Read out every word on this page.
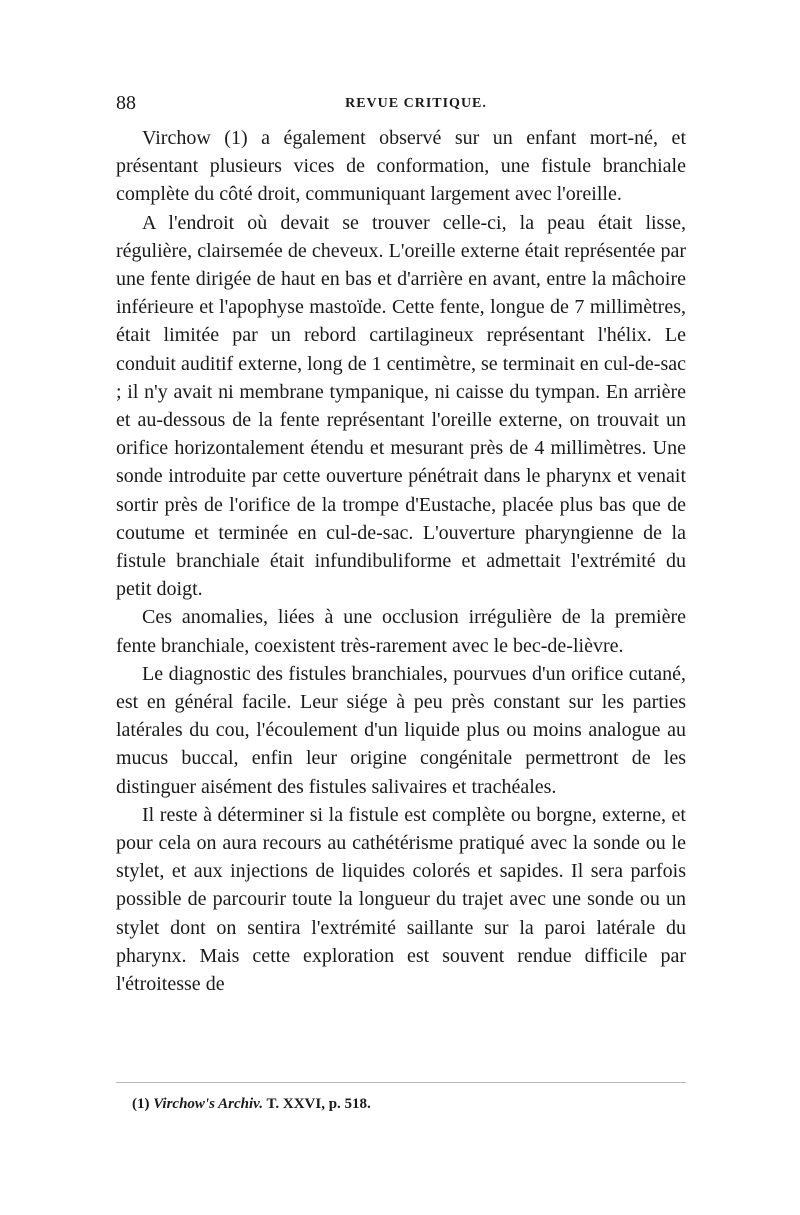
88	REVUE CRITIQUE.

Virchow (1) a également observé sur un enfant mort-né, et présentant plusieurs vices de conformation, une fistule branchiale complète du côté droit, communiquant largement avec l'oreille.

A l'endroit où devait se trouver celle-ci, la peau était lisse, régulière, clairsemée de cheveux. L'oreille externe était représentée par une fente dirigée de haut en bas et d'arrière en avant, entre la mâchoire inférieure et l'apophyse mastoïde. Cette fente, longue de 7 millimètres, était limitée par un rebord cartilagineux représentant l'hélix. Le conduit auditif externe, long de 1 centimètre, se terminait en cul-de-sac ; il n'y avait ni membrane tympanique, ni caisse du tympan. En arrière et au-dessous de la fente représentant l'oreille externe, on trouvait un orifice horizontalement étendu et mesurant près de 4 millimètres. Une sonde introduite par cette ouverture pénétrait dans le pharynx et venait sortir près de l'orifice de la trompe d'Eustache, placée plus bas que de coutume et terminée en cul-de-sac. L'ouverture pharyngienne de la fistule branchiale était infundibuliforme et admettait l'extrémité du petit doigt.

Ces anomalies, liées à une occlusion irrégulière de la première fente branchiale, coexistent très-rarement avec le bec-de-lièvre.

Le diagnostic des fistules branchiales, pourvues d'un orifice cutané, est en général facile. Leur siége à peu près constant sur les parties latérales du cou, l'écoulement d'un liquide plus ou moins analogue au mucus buccal, enfin leur origine congénitale permettront de les distinguer aisément des fistules salivaires et trachéales.

Il reste à déterminer si la fistule est complète ou borgne, externe, et pour cela on aura recours au cathétérisme pratiqué avec la sonde ou le stylet, et aux injections de liquides colorés et sapides. Il sera parfois possible de parcourir toute la longueur du trajet avec une sonde ou un stylet dont on sentira l'extrémité saillante sur la paroi latérale du pharynx. Mais cette exploration est souvent rendue difficile par l'étroitesse de

(1) Virchow's Archiv. T. XXVI, p. 518.
